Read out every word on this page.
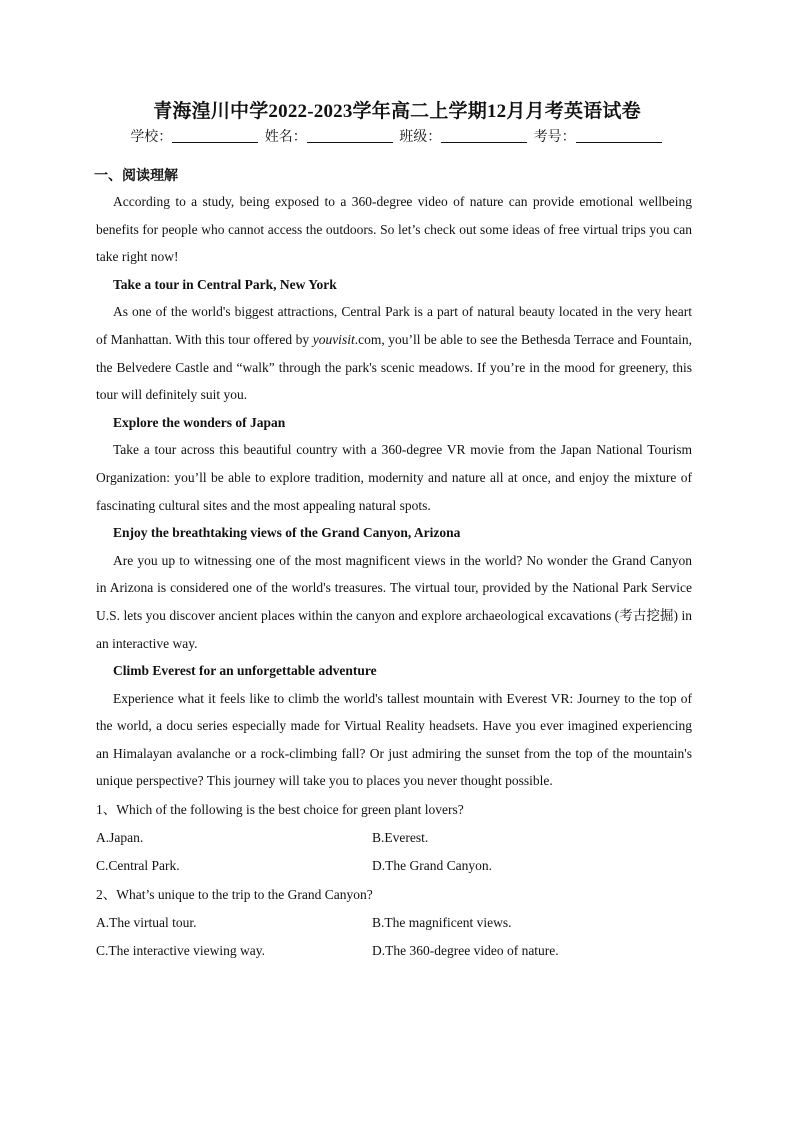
青海湟川中学2022-2023学年高二上学期12月月考英语试卷
学校：	姓名：	班级：	考号：
一、阅读理解

According to a study, being exposed to a 360-degree video of nature can provide emotional wellbeing benefits for people who cannot access the outdoors. So let’s check out some ideas of free virtual trips you can take right now!

Take a tour in Central Park, New York

As one of the world's biggest attractions, Central Park is a part of natural beauty located in the very heart of Manhattan. With this tour offered by youvisit.com, you’ll be able to see the Bethesda Terrace and Fountain, the Belvedere Castle and “walk” through the park's scenic meadows. If you’re in the mood for greenery, this tour will definitely suit you.

Explore the wonders of Japan

Take a tour across this beautiful country with a 360-degree VR movie from the Japan National Tourism Organization: you’ll be able to explore tradition, modernity and nature all at once, and enjoy the mixture of fascinating cultural sites and the most appealing natural spots.

Enjoy the breathtaking views of the Grand Canyon, Arizona

Are you up to witnessing one of the most magnificent views in the world? No wonder the Grand Canyon in Arizona is considered one of the world's treasures. The virtual tour, provided by the National Park Service U.S. lets you discover ancient places within the canyon and explore archaeological excavations (考古挖掘) in an interactive way.

Climb Everest for an unforgettable adventure

Experience what it feels like to climb the world's tallest mountain with Everest VR: Journey to the top of the world, a docu series especially made for Virtual Reality headsets. Have you ever imagined experiencing an Himalayan avalanche or a rock-climbing fall? Or just admiring the sunset from the top of the mountain's unique perspective? This journey will take you to places you never thought possible.

1、Which of the following is the best choice for green plant lovers?
A.Japan.	B.Everest.
C.Central Park.	D.The Grand Canyon.
2、What’s unique to the trip to the Grand Canyon?
A.The virtual tour.	B.The magnificent views.
C.The interactive viewing way.	D.The 360-degree video of nature.
